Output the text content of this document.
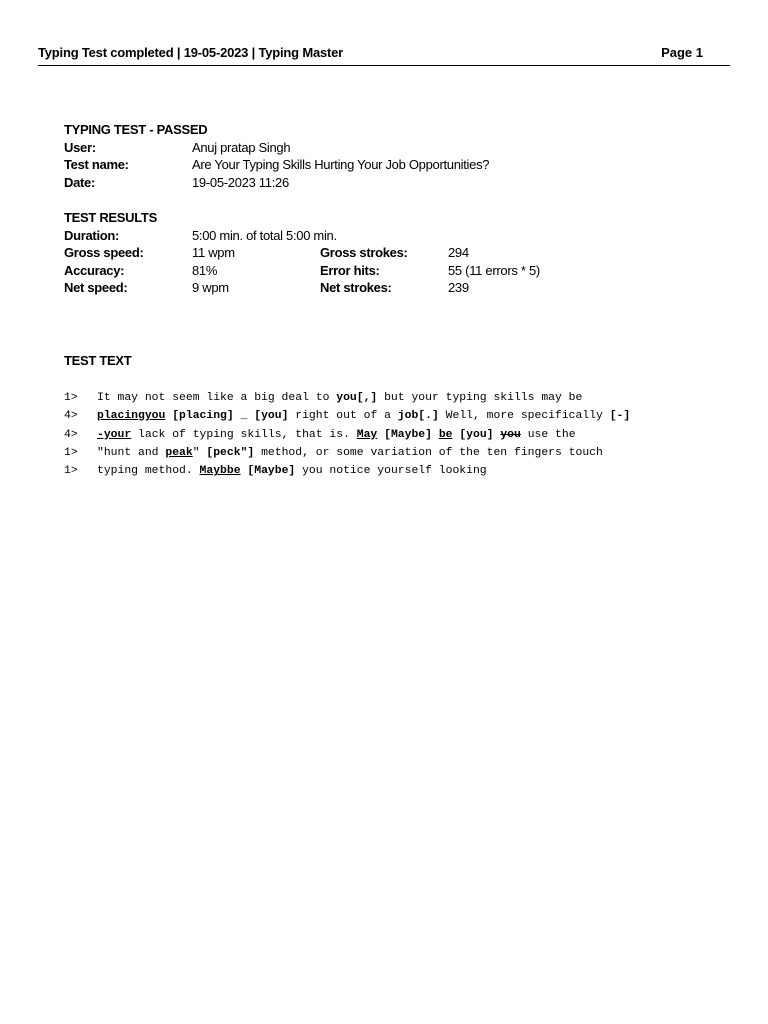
Typing Test completed | 19-05-2023 | Typing Master	Page 1
TYPING TEST - PASSED
User:	Anuj pratap Singh
Test name:	Are Your Typing Skills Hurting Your Job Opportunities?
Date:	19-05-2023 11:26
TEST RESULTS
Duration:	5:00 min. of total 5:00 min.
Gross speed:	11 wpm	Gross strokes:	294
Accuracy:	81%	Error hits:	55 (11 errors * 5)
Net speed:	9 wpm	Net strokes:	239
TEST TEXT
1> It may not seem like a big deal to you[,] but your typing skills may be
4> placingyou [placing] _ [you] right out of a job[.] Well, more specifically [-]
4> -your lack of typing skills, that is. May [Maybe] be [you] you use the
1> "hunt and peak" [peck"] method, or some variation of the ten fingers touch
1> typing method. Maybbe [Maybe] you notice yourself looking
